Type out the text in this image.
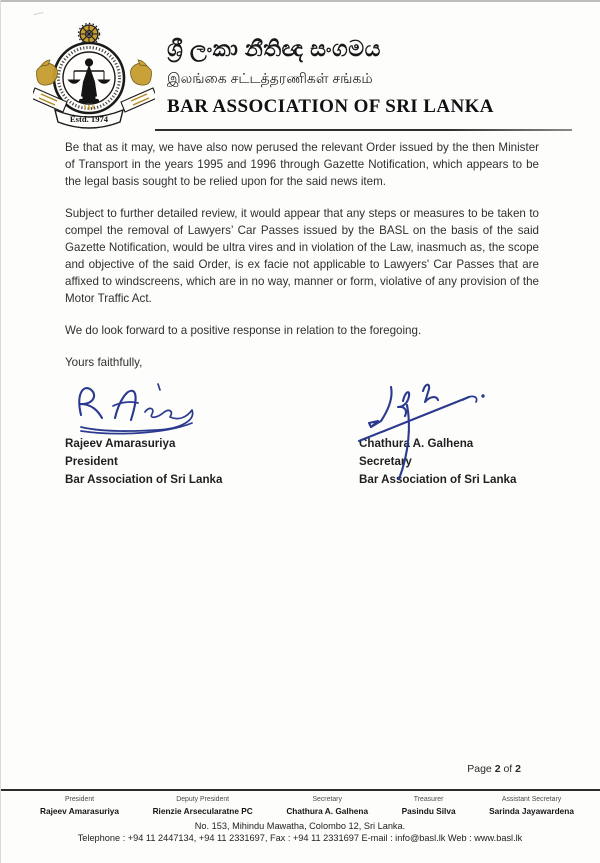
Estd. 1974
ශ්‍රී ලංකා නීතිඥ සංගමය
இலங்கை சட்டத்தரணிகள் சங்கம்
BAR ASSOCIATION OF SRI LANKA

Be that as it may, we have also now perused the relevant Order issued by the then Minister of Transport in the years 1995 and 1996 through Gazette Notification, which appears to be the legal basis sought to be relied upon for the said news item.

Subject to further detailed review, it would appear that any steps or measures to be taken to compel the removal of Lawyers’ Car Passes issued by the BASL on the basis of the said Gazette Notification, would be ultra vires and in violation of the Law, inasmuch as, the scope and objective of the said Order, is ex facie not applicable to Lawyers' Car Passes that are affixed to windscreens, which are in no way, manner or form, violative of any provision of the Motor Traffic Act.

We do look forward to a positive response in relation to the foregoing.

Yours faithfully,

Rajeev Amarasuriya
President
Bar Association of Sri Lanka
Chathura A. Galhena
Secretary
Bar Association of Sri Lanka
Page 2 of 2
President
Rajeev Amarasuriya
Deputy President
Rienzie Arsecularatne PC
Secretary
Chathura A. Galhena
Treasurer
Pasindu Silva
Assistant Secretary
Sarinda Jayawardena
No. 153, Mihindu Mawatha, Colombo 12, Sri Lanka.
Telephone : +94 11 2447134, +94 11 2331697, Fax : +94 11 2331697 E-mail : info@basl.lk Web : www.basl.lk
